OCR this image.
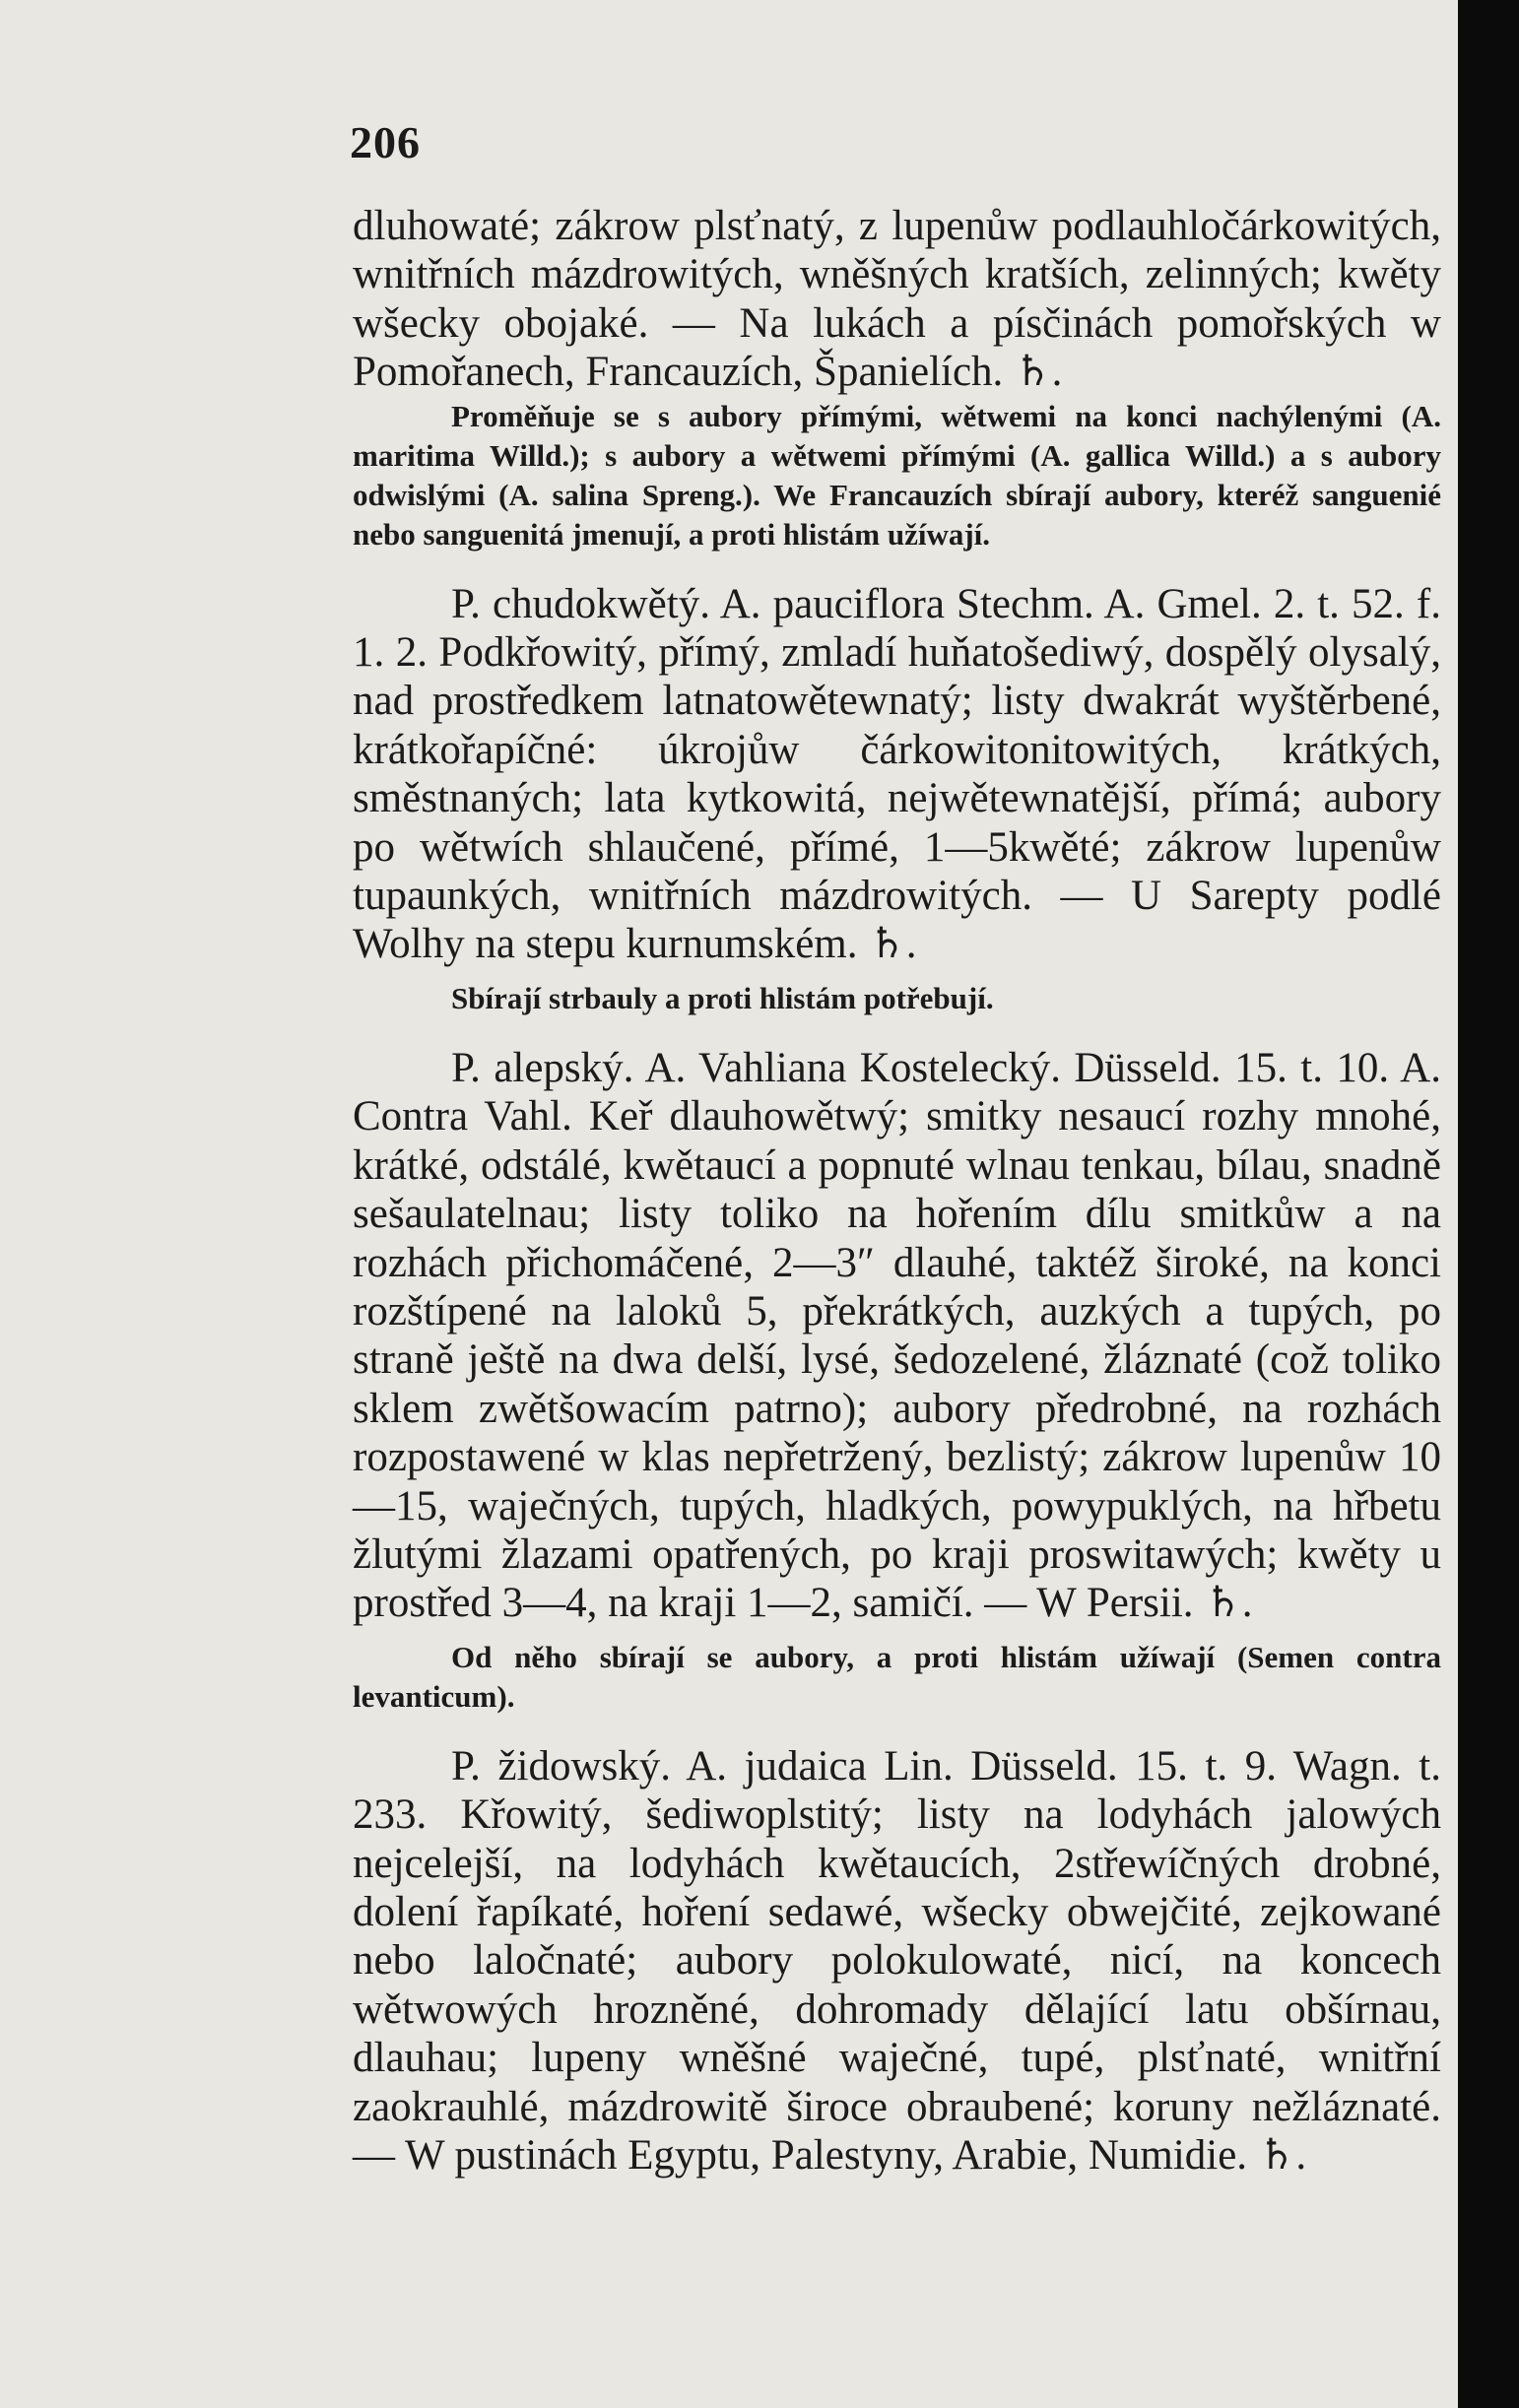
206

dluhowaté; zákrow plsťnatý, z lupenůw podlauhločárkowitých, wnitřních mázdrowitých, wněšných kratších, zelinných; kwěty wšecky obojaké. — Na lukách a písčinách pomořských w Pomořanech, Francauzích, Španielích. ♄.

Proměňuje se s aubory přímými, wětwemi na konci nachýlenými (A. maritima Willd.); s aubory a wětwemi přímými (A. gallica Willd.) a s aubory odwislými (A. salina Spreng.). We Francauzích sbírají aubory, kteréž sanguenié nebo sanguenitá jmenují, a proti hlistám užíwají.

P. chudokwětý. A. pauciflora Stechm. A. Gmel. 2. t. 52. f. 1. 2. Podkřowitý, přímý, zmladí huňatošediwý, dospělý olysalý, nad prostředkem latnatowětewnatý; listy dwakrát wyštěrbené, krátkořapíčné: úkrojůw čárkowitonitowitých, krátkých, směstnaných; lata kytkowitá, nejwětewnatější, přímá; aubory po wětwích shlaučené, přímé, 1—5kwěté; zákrow lupenůw tupaunkých, wnitřních mázdrowitých. — U Sarepty podlé Wolhy na stepu kurnumském. ♄.

Sbírají strbauly a proti hlistám potřebují.

P. alepský. A. Vahliana Kostelecký. Düsseld. 15. t. 10. A. Contra Vahl. Keř dlauhowětwý; smitky nesaucí rozhy mnohé, krátké, odstálé, kwětaucí a popnuté wlnau tenkau, bílau, snadně sešaulatelnau; listy toliko na hořením dílu smitkůw a na rozhách přichomáčené, 2—3″ dlauhé, taktéž široké, na konci rozštípené na laloků 5, překrátkých, auzkých a tupých, po straně ještě na dwa delší, lysé, šedozelené, žláznaté (což toliko sklem zwětšowacím patrno); aubory předrobné, na rozhách rozpostawené w klas nepřetržený, bezlistý; zákrow lupenůw 10—15, waječných, tupých, hladkých, powypuklých, na hřbetu žlutými žlazami opatřených, po kraji proswitawých; kwěty u prostřed 3—4, na kraji 1—2, samičí. — W Persii. ♄.

Od něho sbírají se aubory, a proti hlistám užíwají (Semen contra levanticum).

P. židowský. A. judaica Lin. Düsseld. 15. t. 9. Wagn. t. 233. Křowitý, šediwoplstitý; listy na lodyhách jalowých nejcelejší, na lodyhách kwětaucích, 2střewíčných drobné, dolení řapíkaté, hoření sedawé, wšecky obwejčité, zejkowané nebo laločnaté; aubory polokulowaté, nicí, na koncech wětwowých hrozněné, dohromady dělající latu obšírnau, dlauhau; lupeny wněšné waječné, tupé, plsťnaté, wnitřní zaokrauhlé, mázdrowitě široce obraubené; koruny nežláznaté. — W pustinách Egyptu, Palestyny, Arabie, Numidie. ♄.
